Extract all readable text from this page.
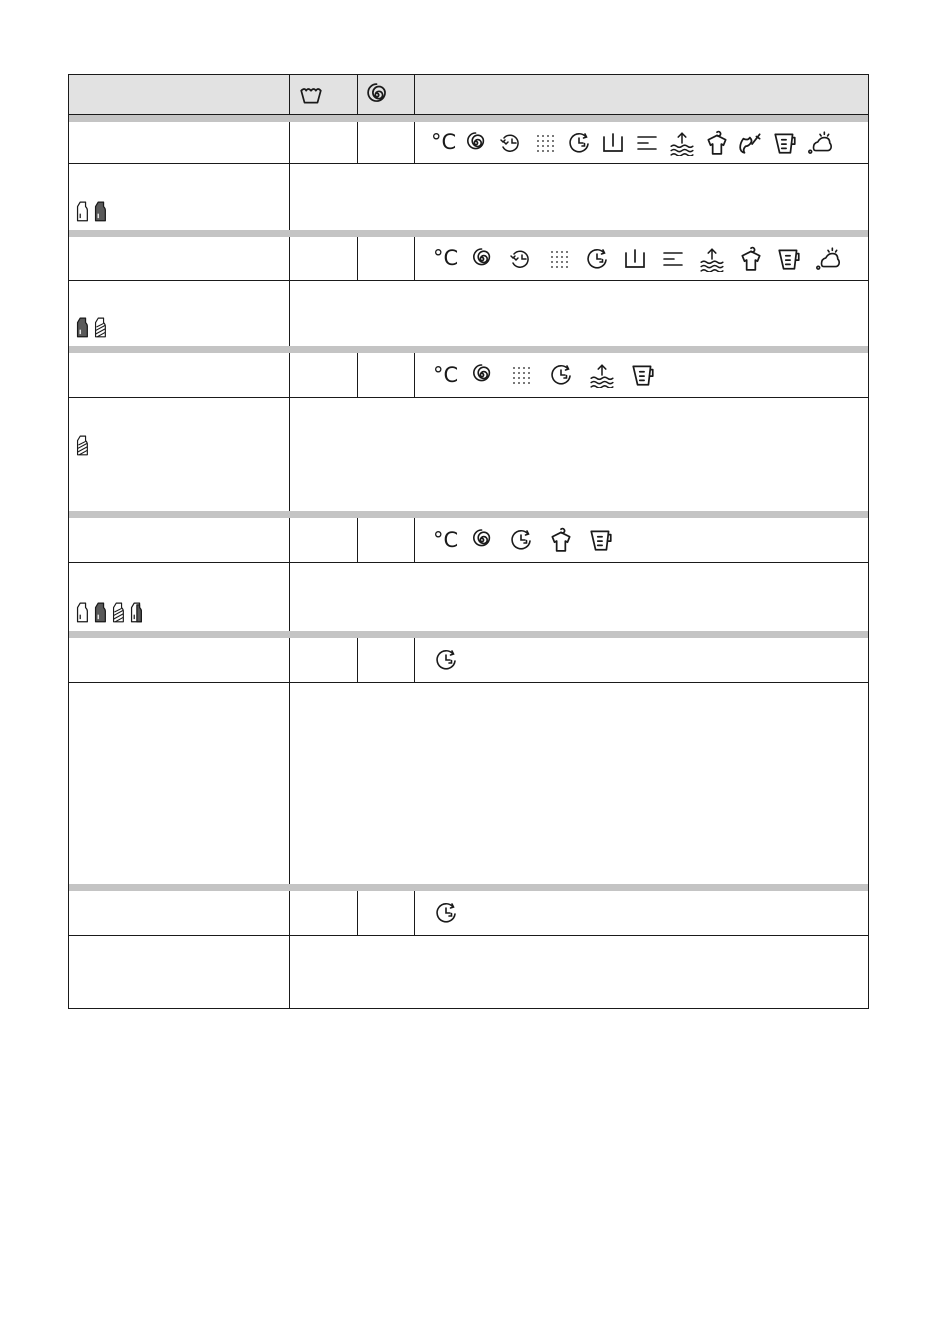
°C
°C
°C
°C
